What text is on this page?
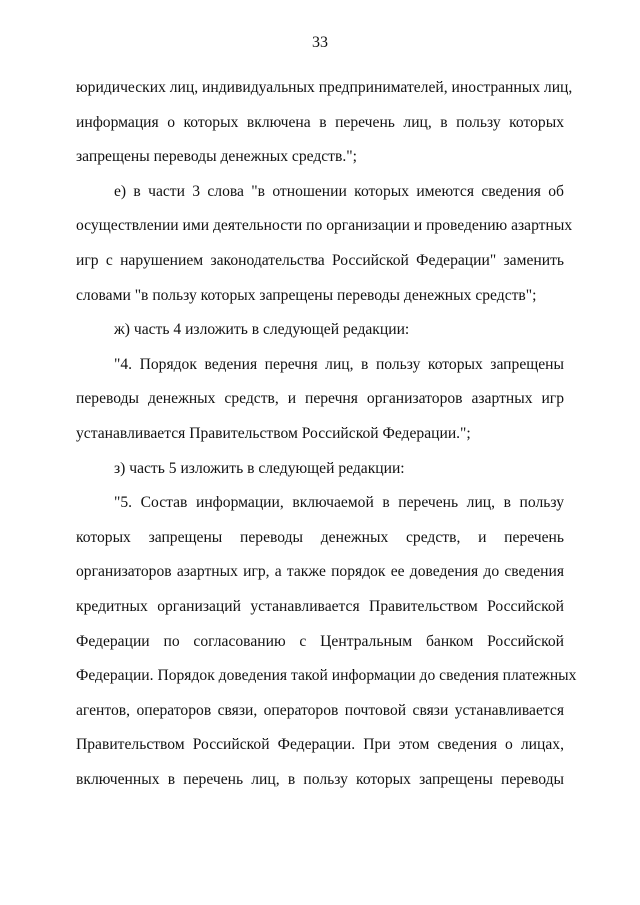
33
юридических лиц, индивидуальных предпринимателей, иностранных лиц,
информация о которых включена в перечень лиц, в пользу которых
запрещены переводы денежных средств.";
е) в части 3 слова "в отношении которых имеются сведения об
осуществлении ими деятельности по организации и проведению азартных
игр с нарушением законодательства Российской Федерации" заменить
словами "в пользу которых запрещены переводы денежных средств";
ж) часть 4 изложить в следующей редакции:
"4. Порядок ведения перечня лиц, в пользу которых запрещены
переводы денежных средств, и перечня организаторов азартных игр
устанавливается Правительством Российской Федерации.";
з) часть 5 изложить в следующей редакции:
"5. Состав информации, включаемой в перечень лиц, в пользу
которых запрещены переводы денежных средств, и перечень
организаторов азартных игр, а также порядок ее доведения до сведения
кредитных организаций устанавливается Правительством Российской
Федерации по согласованию с Центральным банком Российской
Федерации. Порядок доведения такой информации до сведения платежных
агентов, операторов связи, операторов почтовой связи устанавливается
Правительством Российской Федерации. При этом сведения о лицах,
включенных в перечень лиц, в пользу которых запрещены переводы
